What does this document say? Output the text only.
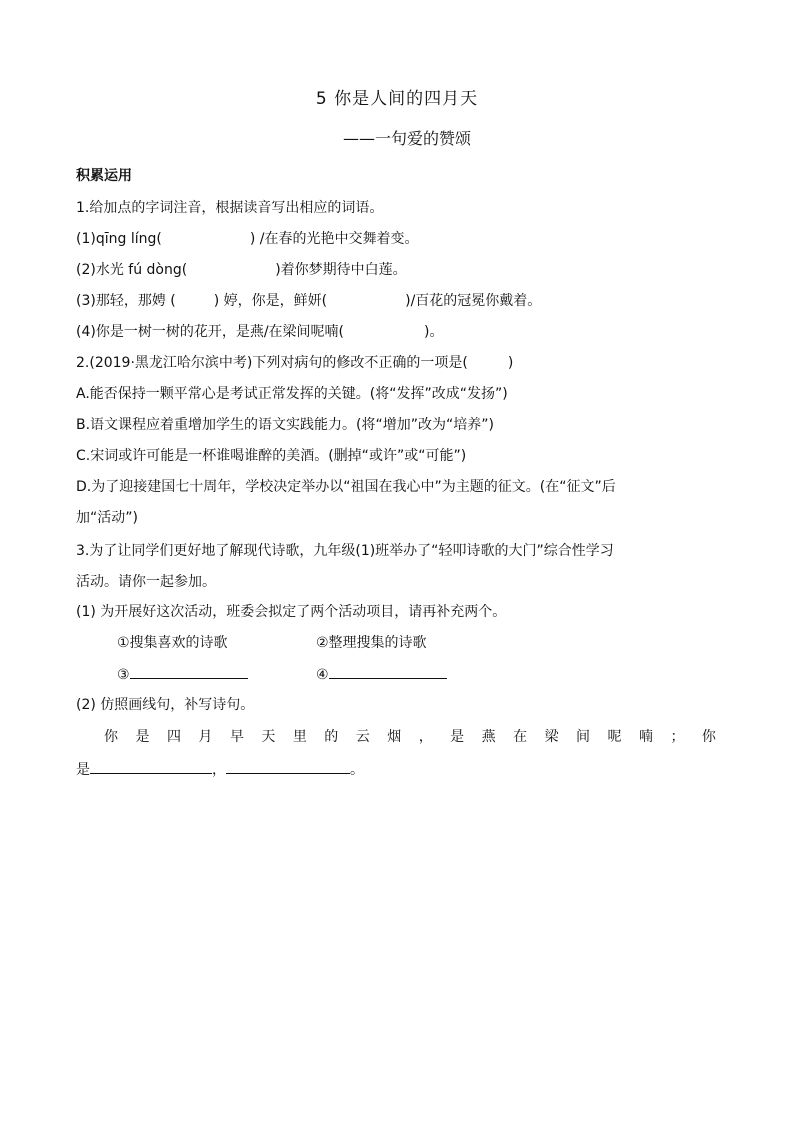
5 你是人间的四月天
——一句爱的赞颂
积累运用
1.给加点的字词注音，根据读音写出相应的词语。
(1)qīng líng(	) /在春的光艳中交舞着变。
(2)水光 fú dòng(	)着你梦期待中白莲。
(3)那轻，那娉 (	) 婷，你是，鲜妍(	)/百花的冠冕你戴着。
(4)你是一树一树的花开，是燕/在梁间呢喃(	)。
2.(2019·黑龙江哈尔滨中考)下列对病句的修改不正确的一项是(	)
A.能否保持一颗平常心是考试正常发挥的关键。(将“发挥”改成“发扬”)
B.语文课程应着重增加学生的语文实践能力。(将“增加”改为“培养”)
C.宋词或许可能是一杯谁喝谁醉的美酒。(删掉“或许”或“可能”)
D.为了迎接建国七十周年，学校决定举办以“祖国在我心中”为主题的征文。(在“征文”后
加“活动”)
3.为了让同学们更好地了解现代诗歌，九年级(1)班举办了“轻叩诗歌的大门”综合性学习
活动。请你一起参加。
(1) 为开展好这次活动，班委会拟定了两个活动项目，请再补充两个。
①搜集喜欢的诗歌	②整理搜集的诗歌
③	④
(2) 仿照画线句，补写诗句。
你 是 四 月 早 天 里 的 云 烟 ， 是 燕 在 梁 间 呢 喃 ； 你
是	，	。
